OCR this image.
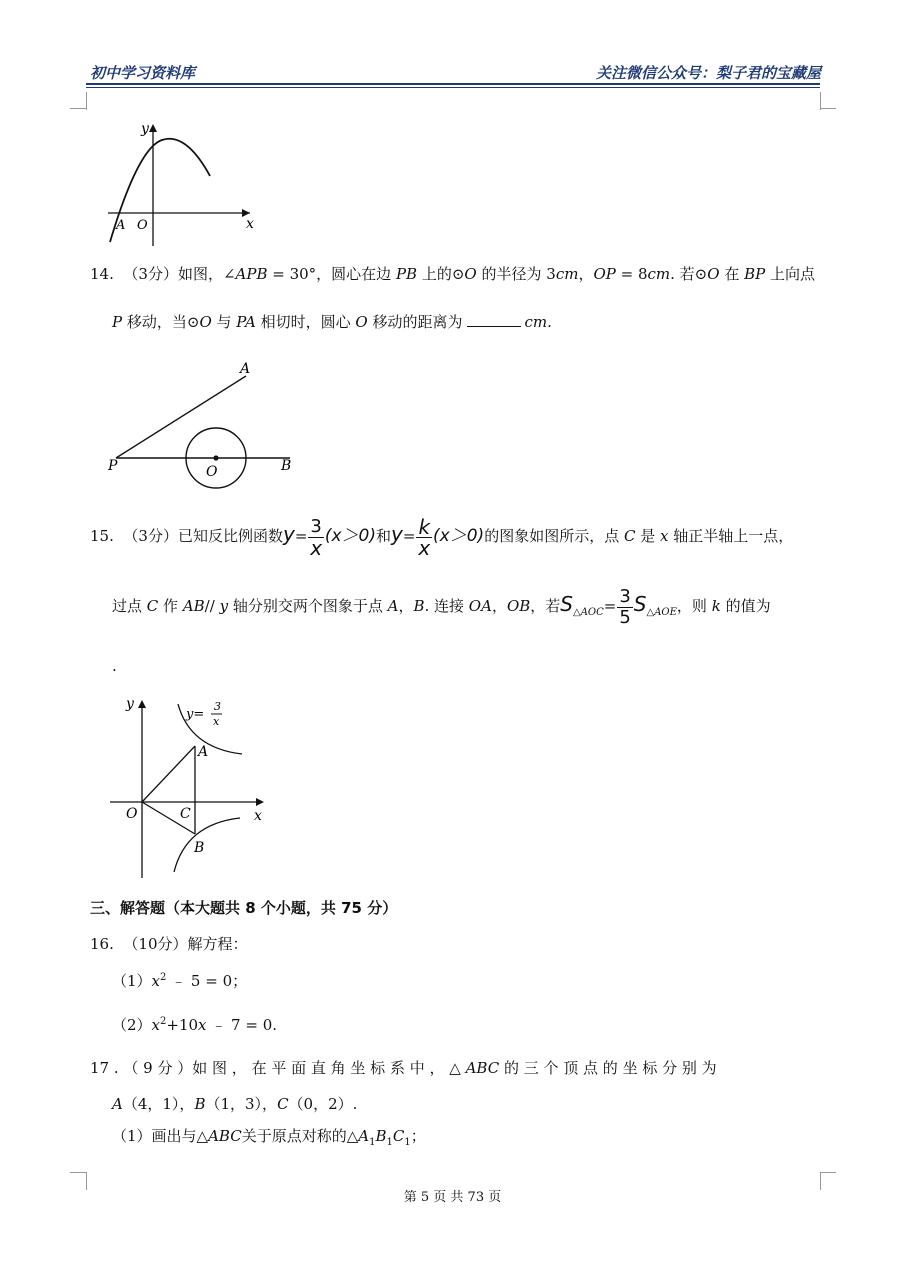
初中学习资料库	关注微信公众号：梨子君的宝藏屋
y
x
A O
14. （3分）如图，∠APB = 30°，圆心在边 PB 上的⊙O 的半径为 3cm，OP = 8cm. 若⊙O 在 BP 上向点
P 移动，当⊙O 与 PA 相切时，圆心 O 移动的距离为	cm.
A
P	O	B
15. （3分）已知反比例函数$y= \frac{3}{x} (x>0)$和$y= \frac{k}{x} (x>0)$的图象如图所示，点 C 是 x 轴正半轴上一点，
过点 C 作 AB// y 轴分别交两个图象于点 A，B. 连接 OA，OB，若$S_{\triangle AOC}= \frac{3}{5} S_{\triangle AOE}$，则 k 的值为
.
y
x
O
A
C
B
y=
3
x
三、解答题（本大题共 8 个小题，共 75 分）
16. （10分）解方程：
$(1)x^2$ ﹣ 5 = 0；
$(2)x^2+10x$ ﹣ 7 = 0.
17 . （ 9 分 ）如 图 ， 在 平 面 直 角 坐 标 系 中 ， △ ABC 的 三 个 顶 点 的 坐 标 分 别 为
A（4，1），B（1，3），C（0，2）.
（1）画出与△ABC关于原点对称的$\triangle A_1B_1C_1$；
第 5 页 共 73 页
